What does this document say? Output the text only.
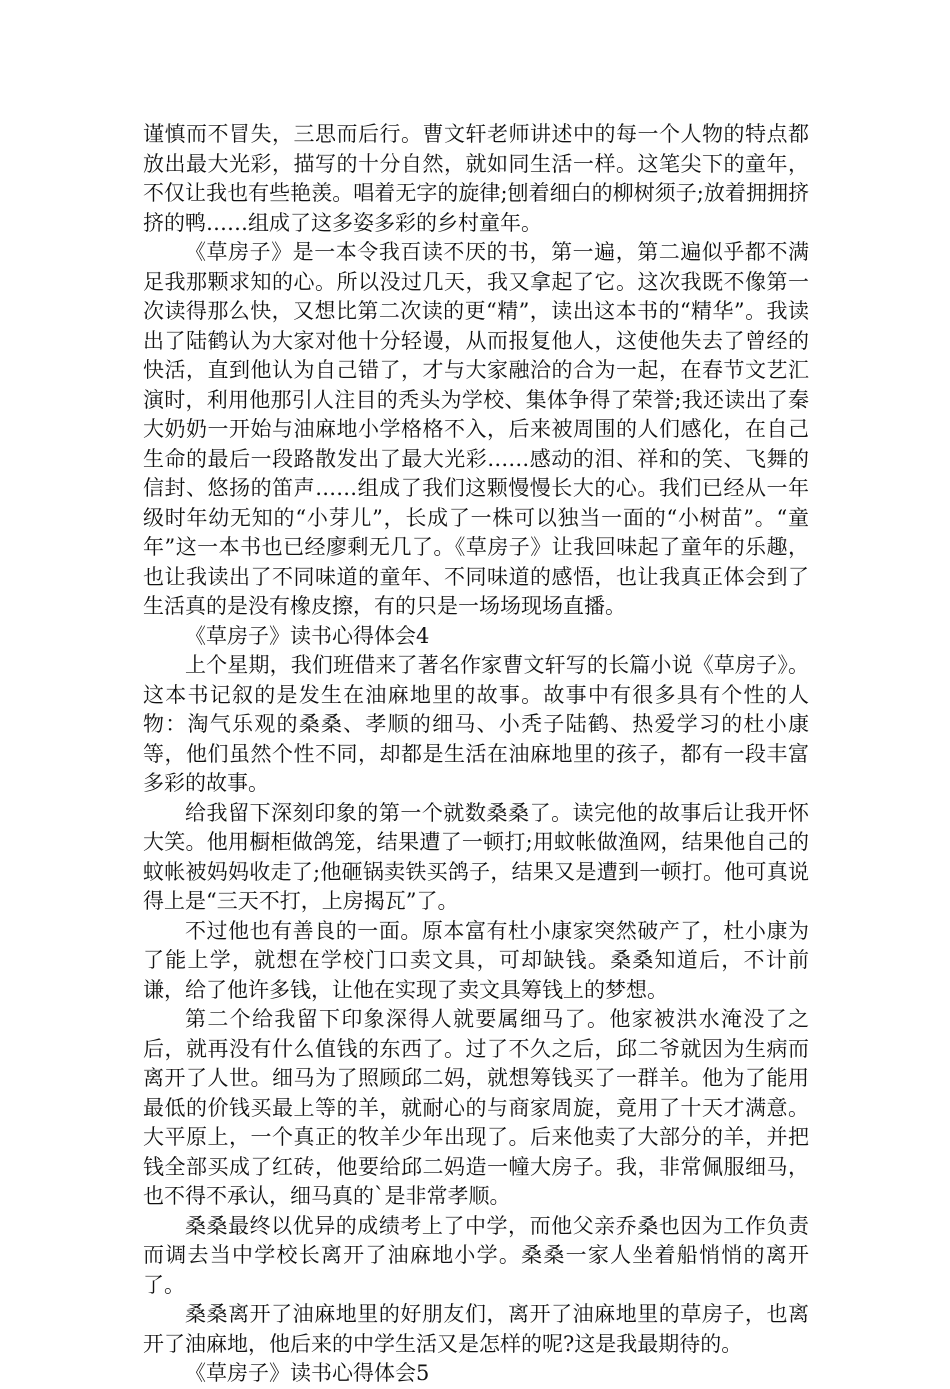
谨慎而不冒失，三思而后行。曹文轩老师讲述中的每一个人物的特点都放出最大光彩，描写的十分自然，就如同生活一样。这笔尖下的童年，不仅让我也有些艳羡。唱着无字的旋律;刨着细白的柳树须子;放着拥拥挤挤的鸭……组成了这多姿多彩的乡村童年。

《草房子》是一本令我百读不厌的书，第一遍，第二遍似乎都不满足我那颗求知的心。所以没过几天，我又拿起了它。这次我既不像第一次读得那么快，又想比第二次读的更“精”，读出这本书的“精华”。我读出了陆鹤认为大家对他十分轻谩，从而报复他人，这使他失去了曾经的快活，直到他认为自己错了，才与大家融洽的合为一起，在春节文艺汇演时，利用他那引人注目的秃头为学校、集体争得了荣誉;我还读出了秦大奶奶一开始与油麻地小学格格不入，后来被周围的人们感化，在自己生命的最后一段路散发出了最大光彩……感动的泪、祥和的笑、飞舞的信封、悠扬的笛声……组成了我们这颗慢慢长大的心。我们已经从一年级时年幼无知的“小芽儿”，长成了一株可以独当一面的“小树苗”。“童年”这一本书也已经廖剩无几了。《草房子》让我回味起了童年的乐趣，也让我读出了不同味道的童年、不同味道的感悟，也让我真正体会到了生活真的是没有橡皮擦，有的只是一场场现场直播。

《草房子》读书心得体会4

上个星期，我们班借来了著名作家曹文轩写的长篇小说《草房子》。这本书记叙的是发生在油麻地里的故事。故事中有很多具有个性的人物：淘气乐观的桑桑、孝顺的细马、小秃子陆鹤、热爱学习的杜小康等，他们虽然个性不同，却都是生活在油麻地里的孩子，都有一段丰富多彩的故事。

给我留下深刻印象的第一个就数桑桑了。读完他的故事后让我开怀大笑。他用橱柜做鸽笼，结果遭了一顿打;用蚊帐做渔网，结果他自己的蚊帐被妈妈收走了;他砸锅卖铁买鸽子，结果又是遭到一顿打。他可真说得上是“三天不打，上房揭瓦”了。

不过他也有善良的一面。原本富有杜小康家突然破产了，杜小康为了能上学，就想在学校门口卖文具，可却缺钱。桑桑知道后，不计前谦，给了他许多钱，让他在实现了卖文具筹钱上的梦想。

第二个给我留下印象深得人就要属细马了。他家被洪水淹没了之后，就再没有什么值钱的东西了。过了不久之后，邱二爷就因为生病而离开了人世。细马为了照顾邱二妈，就想筹钱买了一群羊。他为了能用最低的价钱买最上等的羊，就耐心的与商家周旋，竟用了十天才满意。大平原上，一个真正的牧羊少年出现了。后来他卖了大部分的羊，并把钱全部买成了红砖，他要给邱二妈造一幢大房子。我，非常佩服细马，也不得不承认，细马真的`是非常孝顺。

桑桑最终以优异的成绩考上了中学，而他父亲乔桑也因为工作负责而调去当中学校长离开了油麻地小学。桑桑一家人坐着船悄悄的离开了。

桑桑离开了油麻地里的好朋友们，离开了油麻地里的草房子，也离开了油麻地，他后来的中学生活又是怎样的呢?这是我最期待的。

《草房子》读书心得体会5
